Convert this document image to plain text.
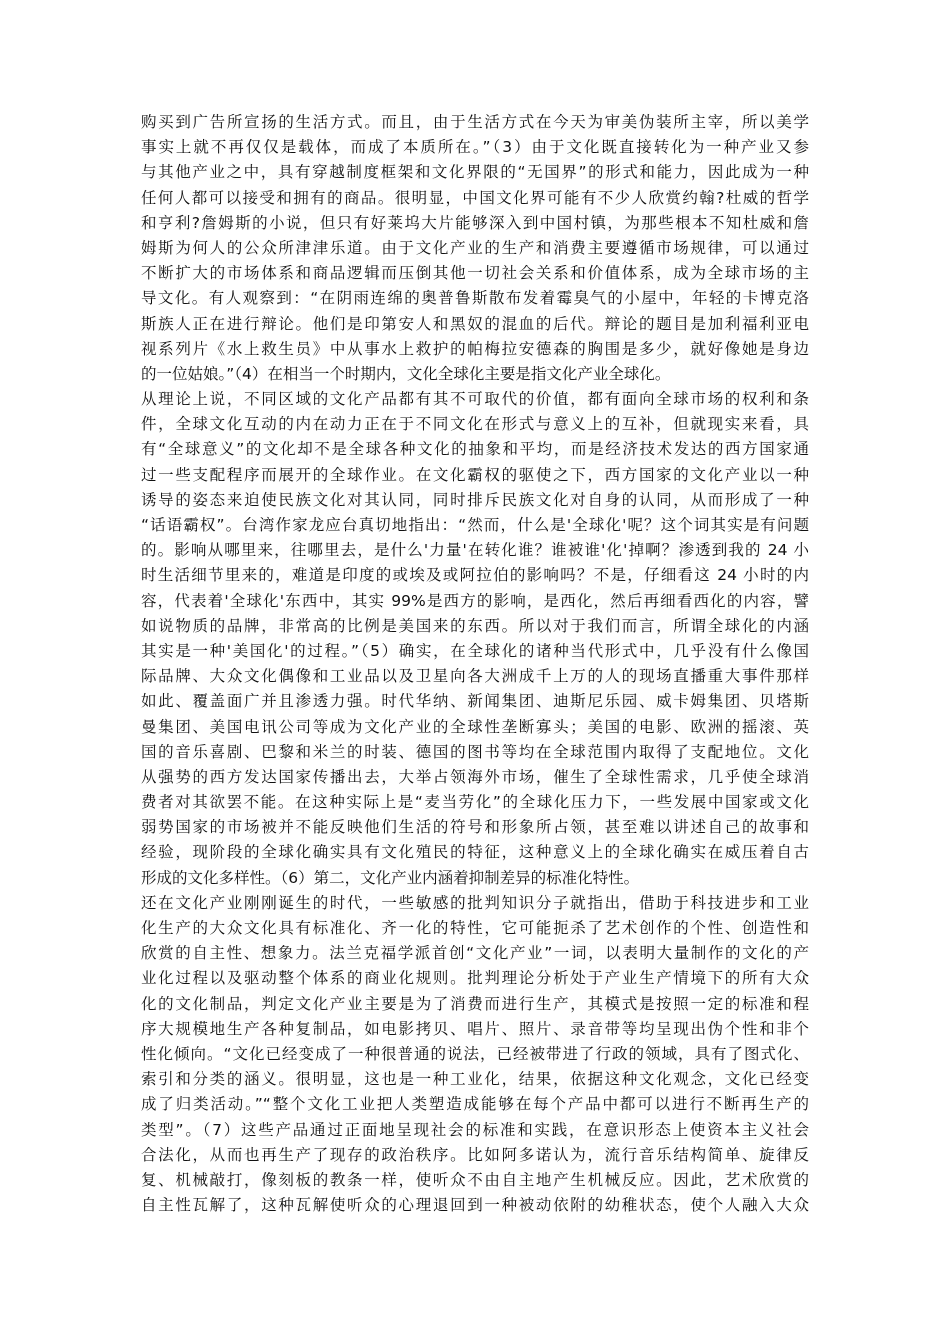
购买到广告所宣扬的生活方式。而且，由于生活方式在今天为审美伪装所主宰，所以美学
事实上就不再仅仅是载体，而成了本质所在。”（3）由于文化既直接转化为一种产业又参
与其他产业之中，具有穿越制度框架和文化界限的“无国界”的形式和能力，因此成为一种
任何人都可以接受和拥有的商品。很明显，中国文化界可能有不少人欣赏约翰?杜威的哲学
和亨利?詹姆斯的小说，但只有好莱坞大片能够深入到中国村镇，为那些根本不知杜威和詹
姆斯为何人的公众所津津乐道。由于文化产业的生产和消费主要遵循市场规律，可以通过
不断扩大的市场体系和商品逻辑而压倒其他一切社会关系和价值体系，成为全球市场的主
导文化。有人观察到：“在阴雨连绵的奥普鲁斯散布发着霉臭气的小屋中，年轻的卡博克洛
斯族人正在进行辩论。他们是印第安人和黑奴的混血的后代。辩论的题目是加利福利亚电
视系列片《水上救生员》中从事水上救护的帕梅拉安德森的胸围是多少，就好像她是身边
的一位姑娘。”（4）在相当一个时期内，文化全球化主要是指文化产业全球化。
从理论上说，不同区域的文化产品都有其不可取代的价值，都有面向全球市场的权利和条
件，全球文化互动的内在动力正在于不同文化在形式与意义上的互补，但就现实来看，具
有“全球意义”的文化却不是全球各种文化的抽象和平均，而是经济技术发达的西方国家通
过一些支配程序而展开的全球作业。在文化霸权的驱使之下，西方国家的文化产业以一种
诱导的姿态来迫使民族文化对其认同，同时排斥民族文化对自身的认同，从而形成了一种
“话语霸权”。台湾作家龙应台真切地指出：“然而，什么是'全球化'呢？这个词其实是有问题
的。影响从哪里来，往哪里去，是什么'力量'在转化谁？谁被谁'化'掉啊？渗透到我的 24 小
时生活细节里来的，难道是印度的或埃及或阿拉伯的影响吗？不是，仔细看这 24 小时的内
容，代表着'全球化'东西中，其实 99%是西方的影响，是西化，然后再细看西化的内容，譬
如说物质的品牌，非常高的比例是美国来的东西。所以对于我们而言，所谓全球化的内涵
其实是一种'美国化'的过程。”（5）确实，在全球化的诸种当代形式中，几乎没有什么像国
际品牌、大众文化偶像和工业品以及卫星向各大洲成千上万的人的现场直播重大事件那样
如此、覆盖面广并且渗透力强。时代华纳、新闻集团、迪斯尼乐园、威卡姆集团、贝塔斯
曼集团、美国电讯公司等成为文化产业的全球性垄断寡头；美国的电影、欧洲的摇滚、英
国的音乐喜剧、巴黎和米兰的时装、德国的图书等均在全球范围内取得了支配地位。文化
从强势的西方发达国家传播出去，大举占领海外市场，催生了全球性需求，几乎使全球消
费者对其欲罢不能。在这种实际上是“麦当劳化”的全球化压力下，一些发展中国家或文化
弱势国家的市场被并不能反映他们生活的符号和形象所占领，甚至难以讲述自己的故事和
经验，现阶段的全球化确实具有文化殖民的特征，这种意义上的全球化确实在威压着自古
形成的文化多样性。（6）第二，文化产业内涵着抑制差异的标准化特性。
还在文化产业刚刚诞生的时代，一些敏感的批判知识分子就指出，借助于科技进步和工业
化生产的大众文化具有标准化、齐一化的特性，它可能扼杀了艺术创作的个性、创造性和
欣赏的自主性、想象力。法兰克福学派首创“文化产业”一词，以表明大量制作的文化的产
业化过程以及驱动整个体系的商业化规则。批判理论分析处于产业生产情境下的所有大众
化的文化制品，判定文化产业主要是为了消费而进行生产，其模式是按照一定的标准和程
序大规模地生产各种复制品，如电影拷贝、唱片、照片、录音带等均呈现出伪个性和非个
性化倾向。“文化已经变成了一种很普通的说法，已经被带进了行政的领域，具有了图式化、
索引和分类的涵义。很明显，这也是一种工业化，结果，依据这种文化观念，文化已经变
成了归类活动。”“整个文化工业把人类塑造成能够在每个产品中都可以进行不断再生产的
类型”。（7）这些产品通过正面地呈现社会的标准和实践，在意识形态上使资本主义社会
合法化，从而也再生产了现存的政治秩序。比如阿多诺认为，流行音乐结构简单、旋律反
复、机械敲打，像刻板的教条一样，使听众不由自主地产生机械反应。因此，艺术欣赏的
自主性瓦解了，这种瓦解使听众的心理退回到一种被动依附的幼稚状态，使个人融入大众
